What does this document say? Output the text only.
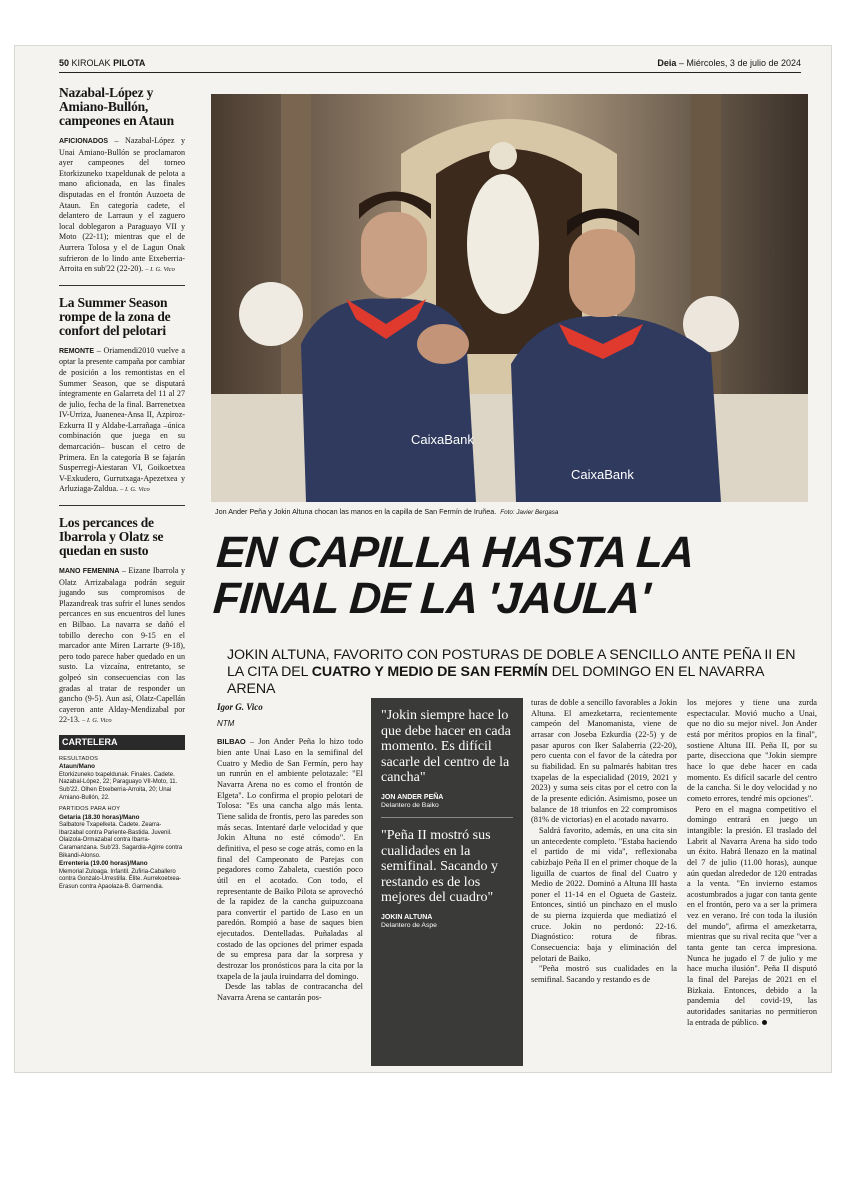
50 KIROLAK PILOTA	Deia – Miércoles, 3 de julio de 2024
Nazabal-López y Amiano-Bullón, campeones en Ataun

AFICIONADOS – Nazabal-López y Unai Amiano-Bullón se proclamaron ayer campeones del torneo Etorkizuneko txapeldunak de pelota a mano aficionada, en las finales disputadas en el frontón Auzoeta de Ataun. En categoría cadete, el delantero de Larraun y el zaguero local doblegaron a Paraguayo VII y Moto (22-11); mientras que el de Aurrera Tolosa y el de Lagun Onak sufrieron de lo lindo ante Etxeberria-Arroita en sub'22 (22-20). – I. G. Vico

La Summer Season rompe de la zona de confort del pelotari

REMONTE – Oriamendi2010 vuelve a optar la presente campaña por cambiar de posición a los remontistas en el Summer Season, que se disputará íntegramente en Galarreta del 11 al 27 de julio, fecha de la final. Barrenetxea IV-Urriza, Juanenea-Ansa II, Azpiroz-Ezkurra II y Aldabe-Larrañaga –única combinación que juega en su demarcación– buscan el cetro de Primera. En la categoría B se fajarán Susperregi-Aiestaran VI, Goikoetxea V-Exkudero, Gurrutxaga-Apezetxea y Arluziaga-Zaldua. – I. G. Vico

Los percances de Ibarrola y Olatz se quedan en susto

MANO FEMENINA – Eizane Ibarrola y Olatz Arrizabalaga podrán seguir jugando sus compromisos de Plazandreak tras sufrir el lunes sendos percances en sus encuentros del lunes en Bilbao. La navarra se dañó el tobillo derecho con 9-15 en el marcador ante Miren Larrarte (9-18), pero todo parece haber quedado en un susto. La vizcaína, entretanto, se golpeó sin consecuencias con las gradas al tratar de responder un gancho (9-5). Aun así, Olatz-Capellán cayeron ante Alday-Mendizabal por 22-13. – I. G. Vico

CARTELERA
RESULTADOS
Ataun/Mano
Etorkizuneko txapeldunak. Finales. Cadete. Nazabal-López, 22; Paraguayo VII-Moto, 11. Sub'22. Olhen Etxeberria-Arroita, 20; Unai Amiano-Bullón, 22.
PARTIDOS PARA HOY
Getaria (18.30 horas)/Mano
Salbatore Txapelketa. Cadete. Zearra-Ibarzabal contra Pariente-Bastida. Juvenil. Olaizola-Ormazabal contra Ibarra-Caramanzana. Sub'23. Sagardia-Agirre contra Bikandi-Alonso.
Errenteria (19.00 horas)/Mano
Memorial Zuloaga. Infantil. Zufiria-Caballero contra Gonzalo-Urrestilla. Élite. Aurrekoetxea-Erasun contra Apaolaza-B. Garmendia.
CaixaBank
CaixaBank
Jon Ander Peña y Jokin Altuna chocan las manos en la capilla de San Fermín de Iruñea. Foto: Javier Bergasa
EN CAPILLA HASTA LA
FINAL DE LA 'JAULA'
JOKIN ALTUNA, FAVORITO CON POSTURAS DE DOBLE A SENCILLO ANTE PEÑA II EN LA CITA DEL CUATRO Y MEDIO DE SAN FERMÍN DEL DOMINGO EN EL NAVARRA ARENA
Igor G. Vico
NTM

BILBAO – Jon Ander Peña lo hizo todo bien ante Unai Laso en la semifinal del Cuatro y Medio de San Fermín, pero hay un runrún en el ambiente pelotazale: "El Navarra Arena no es como el frontón de Elgeta". Lo confirma el propio pelotari de Tolosa: "Es una cancha algo más lenta. Tiene salida de frontis, pero las paredes son más secas. Intentaré darle velocidad y que Jokin Altuna no esté cómodo". En definitiva, el peso se coge atrás, como en la final del Campeonato de Parejas con pegadores como Zabaleta, cuestión poco útil en el acotado. Con todo, el representante de Baiko Pilota se aprovechó de la rapidez de la cancha guipuzcoana para convertir el partido de Laso en un paredón. Rompió a base de saques bien ejecutados. Dentelladas. Puñaladas al costado de las opciones del primer espada de su empresa para dar la sorpresa y destrozar los pronósticos para la cita por la txapela de la jaula iruindarra del domingo.

Desde las tablas de contracancha del Navarra Arena se cantarán pos-

"Jokin siempre hace lo que debe hacer en cada momento. Es difícil sacarle del centro de la cancha"
JON ANDER PEÑA
Delantero de Baiko
"Peña II mostró sus cualidades en la semifinal. Sacando y restando es de los mejores del cuadro"
JOKIN ALTUNA
Delantero de Aspe

turas de doble a sencillo favorables a Jokin Altuna. El amezketarra, recientemente campeón del Manomanista, viene de arrasar con Joseba Ezkurdia (22-5) y de pasar apuros con Iker Salaberria (22-20), pero cuenta con el favor de la cátedra por su fiabilidad. En su palmarés habitan tres txapelas de la especialidad (2019, 2021 y 2023) y suma seis citas por el cetro con la de la presente edición. Asimismo, posee un balance de 18 triunfos en 22 compromisos (81% de victorias) en el acotado navarro.

Saldrá favorito, además, en una cita sin un antecedente completo. "Estaba haciendo el partido de mi vida", reflexionaba cabizbajo Peña II en el primer choque de la liguilla de cuartos de final del Cuatro y Medio de 2022. Dominó a Altuna III hasta poner el 11-14 en el Ogueta de Gasteiz. Entonces, sintió un pinchazo en el muslo de su pierna izquierda que mediatizó el cruce. Jokin no perdonó: 22-16. Diagnóstico: rotura de fibras. Consecuencia: baja y eliminación del pelotari de Baiko.

"Peña mostró sus cualidades en la semifinal. Sacando y restando es de

los mejores y tiene una zurda espectacular. Movió mucho a Unai, que no dio su mejor nivel. Jon Ander está por méritos propios en la final", sostiene Altuna III. Peña II, por su parte, disecciona que "Jokin siempre hace lo que debe hacer en cada momento. Es difícil sacarle del centro de la cancha. Si le doy velocidad y no cometo errores, tendré mis opciones".

Pero en el magna competitivo el domingo entrará en juego un intangible: la presión. El traslado del Labrit al Navarra Arena ha sido todo un éxito. Habrá llenazo en la matinal del 7 de julio (11.00 horas), aunque aún quedan alrededor de 120 entradas a la venta. "En invierno estamos acostumbrados a jugar con tanta gente en el frontón, pero va a ser la primera vez en verano. Iré con toda la ilusión del mundo", afirma el amezketarra, mientras que su rival recita que "ver a tanta gente tan cerca impresiona. Nunca he jugado el 7 de julio y me hace mucha ilusión". Peña II disputó la final del Parejas de 2021 en el Bizkaia. Entonces, debido a la pandemia del covid-19, las autoridades sanitarias no permitieron la entrada de público.
